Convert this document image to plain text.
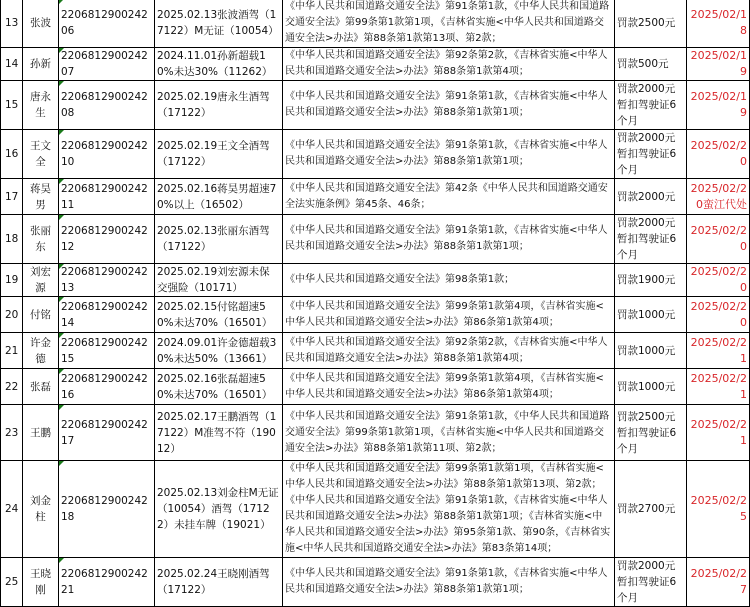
13	张波	220681290024206	2025.02.13张波酒驾（17122）M无证（10054）	《中华人民共和国道路交通安全法》第91条第1款，《中华人民共和国道路交通安全法》第99条第1款第1项，《吉林省实施<中华人民共和国道路交通安全法>办法》第88条第1款第13项、第2款；	罚款2500元	2025/02/18
14	孙新	220681290024207	2024.11.01孙新超载10%未达30%（11262）	《中华人民共和国道路交通安全法》第92条第2款，《吉林省实施<中华人民共和国道路交通安全法>办法》第88条第1款第4项；	罚款500元	2025/02/19
15	唐永生	220681290024208	2025.02.19唐永生酒驾（17122）	《中华人民共和国道路交通安全法》第91条第1款，《吉林省实施<中华人民共和国道路交通安全法>办法》第88条第1款第1项；	罚款2000元暂扣驾驶证6个月	2025/02/19
16	王文全	220681290024210	2025.02.19王文全酒驾（17122）	《中华人民共和国道路交通安全法》第91条第1款，《吉林省实施<中华人民共和国道路交通安全法>办法》第88条第1款第1项；	罚款2000元暂扣驾驶证6个月	2025/02/20
17	蒋昊男	220681290024211	2025.02.16蒋昊男超速70%以上（16502）	《中华人民共和国道路交通安全法》第42条《中华人民共和国道路交通安全法实施条例》第45条、46条；	罚款2000元	2025/02/20蛮江代处
18	张丽东	220681290024212	2025.02.13张丽东酒驾（17122）	《中华人民共和国道路交通安全法》第91条第1款，《吉林省实施<中华人民共和国道路交通安全法>办法》第88条第1款第1项；	罚款2000元暂扣驾驶证6个月	2025/02/20
19	刘宏源	220681290024213	2025.02.19刘宏源未保交强险（10171）	《中华人民共和国道路交通安全法》第98条第1款；	罚款1900元	2025/02/20
20	付铭	220681290024214	2025.02.15付铭超速50%未达70%（16501）	《中华人民共和国道路交通安全法》第99条第1款第4项，《吉林省实施<中华人民共和国道路交通安全法>办法》第86条第1款第4项；	罚款1000元	2025/02/20
21	许金德	220681290024215	2024.09.01许金德超载30%未达50%（13661）	《中华人民共和国道路交通安全法》第92条第2款，《吉林省实施<中华人民共和国道路交通安全法>办法》第88条第1款第4项；	罚款1000元	2025/02/21
22	张磊	220681290024216	2025.02.16张磊超速50%未达70%（16501）	《中华人民共和国道路交通安全法》第99条第1款第4项，《吉林省实施<中华人民共和国道路交通安全法>办法》第86条第1款第4项；	罚款1000元	2025/02/21
23	王鹏	220681290024217	2025.02.17王鹏酒驾（17122）M准驾不符（19012）	《中华人民共和国道路交通安全法》第91条第1款，《中华人民共和国道路交通安全法》第99条第1款第1项，《吉林省实施<中华人民共和国道路交通安全法>办法》第88条第1款第11项、第2款；	罚款2500元暂扣驾驶证6个月	2025/02/21
24	刘金柱	220681290024218	2025.02.13刘金柱M无证（10054）酒驾（17122）未挂车牌（19021）	《中华人民共和国道路交通安全法》第99条第1款第1项，《吉林省实施<中华人民共和国道路交通安全法>办法》第88条第1款第13项、第2款；《中华人民共和国道路交通安全法》第91条第1款，《吉林省实施<中华人民共和国道路交通安全法>办法》第88条第1款第1项；《吉林省实施<中华人民共和国道路交通安全法>办法》第95条第1款、第90条，《吉林省实施<中华人民共和国道路交通安全法>办法》第83条第14项；	罚款2700元	2025/02/25
25	王晓刚	220681290024221	2025.02.24王晓刚酒驾（17122）	《中华人民共和国道路交通安全法》第91条第1款，《吉林省实施<中华人民共和国道路交通安全法>办法》第88条第1款第1项；	罚款2000元暂扣驾驶证6个月	2025/02/27
